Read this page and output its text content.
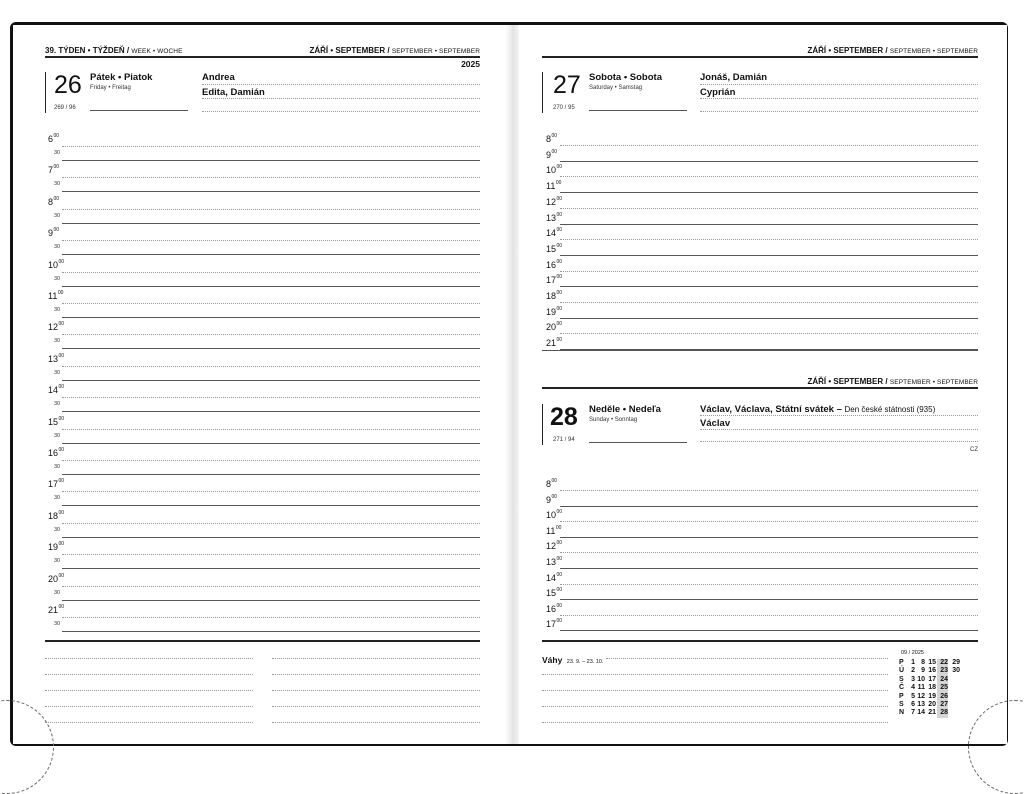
39. TÝDEN • TÝŽDEŇ / WEEK • WOCHE	ZÁŘÍ • SEPTEMBER / SEPTEMBER • SEPTEMBER
2025
26 Pátek • Piatok
Friday • Freitag
269 / 96
Andrea
Edita, Damián
$6^{00}$
30
$7^{00}$
30
$8^{00}$
30
$9^{00}$
30
$10^{00}$
30
$11^{00}$
30
$12^{00}$
30
$13^{00}$
30
$14^{00}$
30
$15^{00}$
30
$16^{00}$
30
$17^{00}$
30
$18^{00}$
30
$19^{00}$
30
$20^{00}$
30
$21^{00}$
30
ZÁŘÍ • SEPTEMBER / SEPTEMBER • SEPTEMBER
27 Sobota • Sobota
Saturday • Samstag
270 / 95
Jonáš, Damián
Cyprián
$8^{00}$
$9^{00}$
$10^{00}$
$11^{00}$
$12^{00}$
$13^{00}$
$14^{00}$
$15^{00}$
$16^{00}$
$17^{00}$
$18^{00}$
$19^{00}$
$20^{00}$
$21^{00}$
ZÁŘÍ • SEPTEMBER / SEPTEMBER • SEPTEMBER
28 Neděle • Nedeľa
Sunday • Sonntag
271 / 94
Václav, Václava, Státní svátek – Den české státnosti (935)
Václav
CZ
$8^{00}$
$9^{00}$
$10^{00}$
$11^{00}$
$12^{00}$
$13^{00}$
$14^{00}$
$15^{00}$
$16^{00}$
$17^{00}$
Váhy 23. 9. – 23. 10.
09 / 2025
P	1 8 15 22 29
Ú	2 9 16 23 30
S	3 10 17 24
Č	4 11 18 25
P	5 12 19 26
S	6 13 20 27
N	7 14 21 28
